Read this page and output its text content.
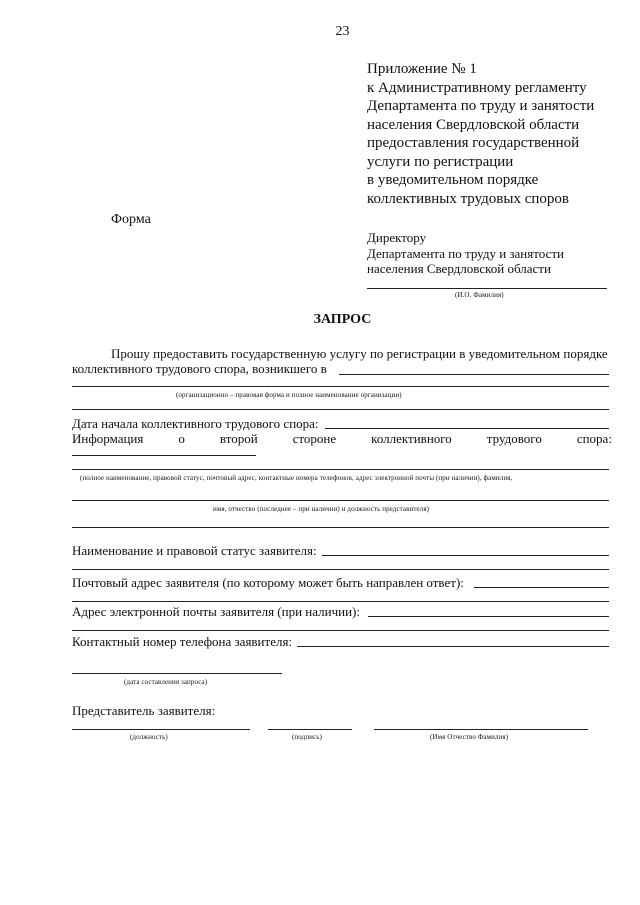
23
Приложение № 1
к Административному регламенту
Департамента по труду и занятости
населения Свердловской области
предоставления государственной
услуги по регистрации
в уведомительном порядке
коллективных трудовых споров
Форма
Директору
Департамента по труду и занятости
населения Свердловской области
(И.О. Фамилия)
ЗАПРОС
Прошу предоставить государственную услугу по регистрации в уведомительном порядке
коллективного трудового спора, возникшего в
(организационно – правовая форма и полное наименование организации)
Дата начала коллективного трудового спора:
Информация	о	второй	стороне	коллективного	трудового	спора:
(полное наименование, правовой статус, почтовый адрес, контактные номера телефонов, адрес электронной почты (при наличии), фамилия,
имя, отчество (последнее – при наличии) и должность представителя)
Наименование и правовой статус заявителя:
Почтовый адрес заявителя (по которому может быть направлен ответ):
Адрес электронной почты заявителя (при наличии):
Контактный номер телефона заявителя:
(дата составления запроса)
Представитель заявителя:
(должность)	(подпись)	(Имя Отчество Фамилия)
